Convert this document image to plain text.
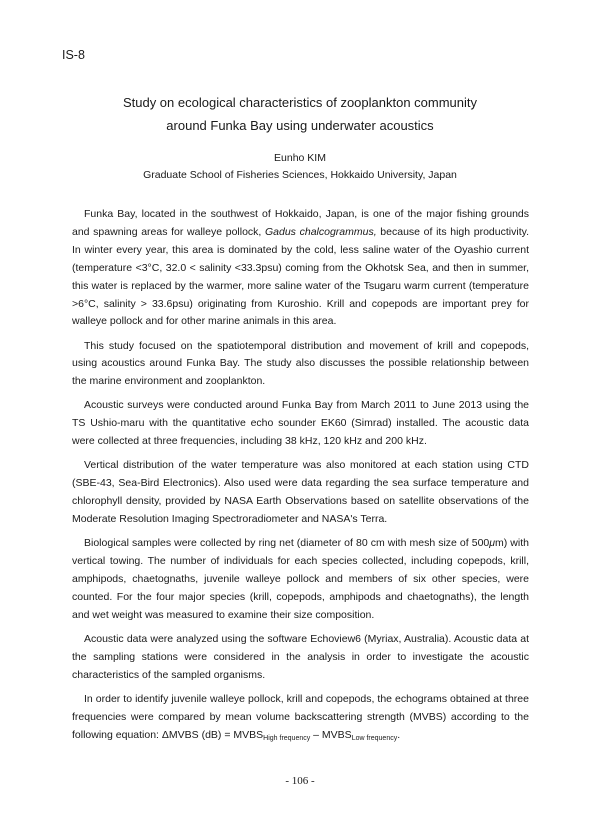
IS-8
Study on ecological characteristics of zooplankton community
around Funka Bay using underwater acoustics
Eunho KIM
Graduate School of Fisheries Sciences, Hokkaido University, Japan

Funka Bay, located in the southwest of Hokkaido, Japan, is one of the major fishing grounds and spawning areas for walleye pollock, Gadus chalcogrammus, because of its high productivity. In winter every year, this area is dominated by the cold, less saline water of the Oyashio current (temperature <3°C, 32.0 < salinity <33.3psu) coming from the Okhotsk Sea, and then in summer, this water is replaced by the warmer, more saline water of the Tsugaru warm current (temperature >6°C, salinity > 33.6psu) originating from Kuroshio. Krill and copepods are important prey for walleye pollock and for other marine animals in this area.

This study focused on the spatiotemporal distribution and movement of krill and copepods, using acoustics around Funka Bay. The study also discusses the possible relationship between the marine environment and zooplankton.

Acoustic surveys were conducted around Funka Bay from March 2011 to June 2013 using the TS Ushio-maru with the quantitative echo sounder EK60 (Simrad) installed. The acoustic data were collected at three frequencies, including 38 kHz, 120 kHz and 200 kHz.

Vertical distribution of the water temperature was also monitored at each station using CTD (SBE-43, Sea-Bird Electronics). Also used were data regarding the sea surface temperature and chlorophyll density, provided by NASA Earth Observations based on satellite observations of the Moderate Resolution Imaging Spectroradiometer and NASA's Terra.

Biological samples were collected by ring net (diameter of 80 cm with mesh size of 500μm) with vertical towing. The number of individuals for each species collected, including copepods, krill, amphipods, chaetognaths, juvenile walleye pollock and members of six other species, were counted. For the four major species (krill, copepods, amphipods and chaetognaths), the length and wet weight was measured to examine their size composition.

Acoustic data were analyzed using the software Echoview6 (Myriax, Australia). Acoustic data at the sampling stations were considered in the analysis in order to investigate the acoustic characteristics of the sampled organisms.

In order to identify juvenile walleye pollock, krill and copepods, the echograms obtained at three frequencies were compared by mean volume backscattering strength (MVBS) according to the following equation: ΔMVBS $(dB) = MVBS_{High frequency}$ – $MVBS_{Low frequency}$.

- 106 -
